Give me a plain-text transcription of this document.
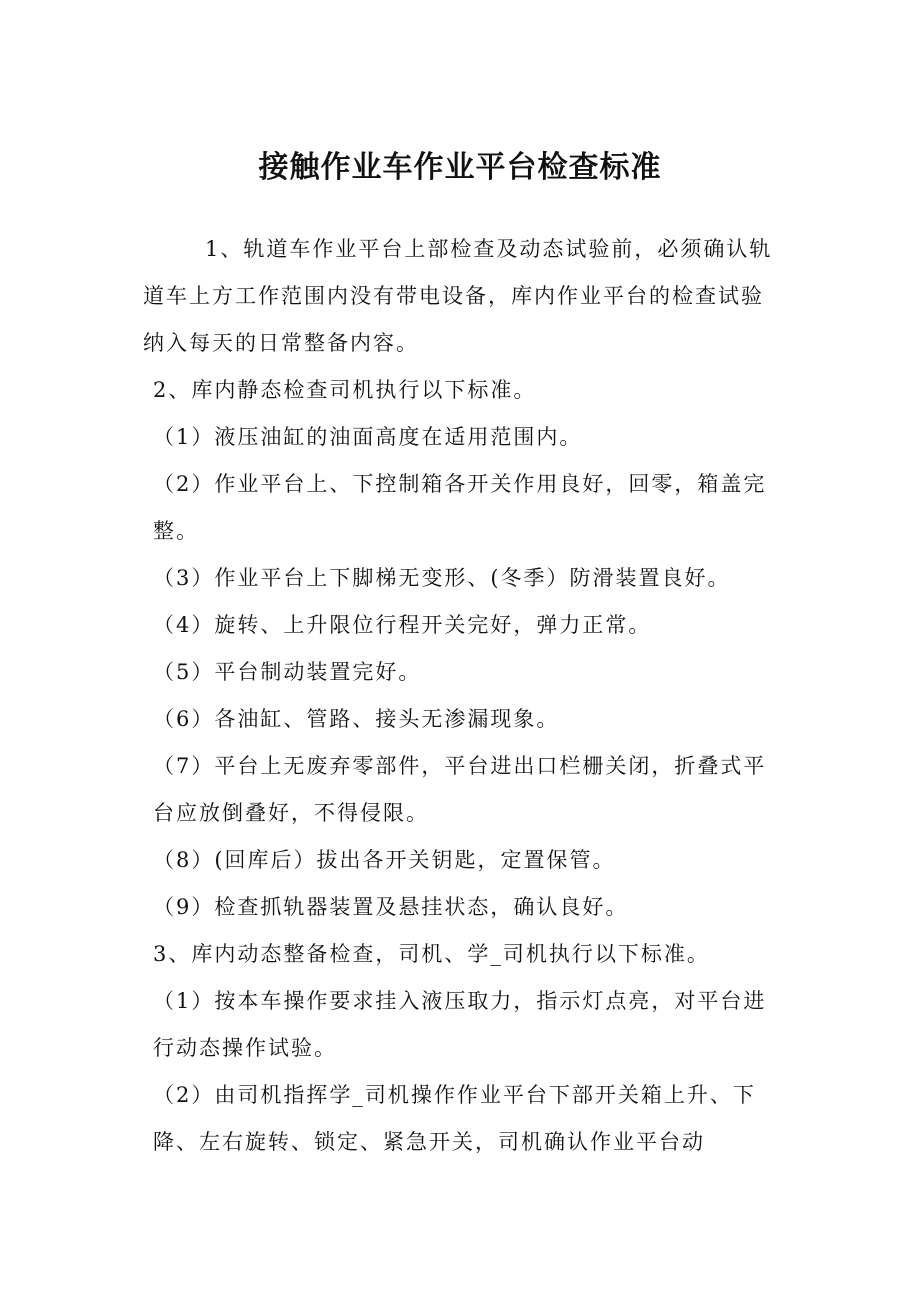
接触作业车作业平台检查标准

1、轨道车作业平台上部检查及动态试验前，必须确认轨道车上方工作范围内没有带电设备，库内作业平台的检查试验纳入每天的日常整备内容。

2、库内静态检查司机执行以下标准。

（1）液压油缸的油面高度在适用范围内。

（2）作业平台上、下控制箱各开关作用良好，回零，箱盖完整。

（3）作业平台上下脚梯无变形、(冬季）防滑装置良好。

（4）旋转、上升限位行程开关完好，弹力正常。

（5）平台制动装置完好。

（6）各油缸、管路、接头无渗漏现象。

（7）平台上无废弃零部件，平台进出口栏栅关闭，折叠式平台应放倒叠好，不得侵限。

（8）(回库后）拔出各开关钥匙，定置保管。

（9）检查抓轨器装置及悬挂状态，确认良好。

3、库内动态整备检查，司机、学_司机执行以下标准。

（1）按本车操作要求挂入液压取力，指示灯点亮，对平台进行动态操作试验。

（2）由司机指挥学_司机操作作业平台下部开关箱上升、下降、左右旋转、锁定、紧急开关，司机确认作业平台动
